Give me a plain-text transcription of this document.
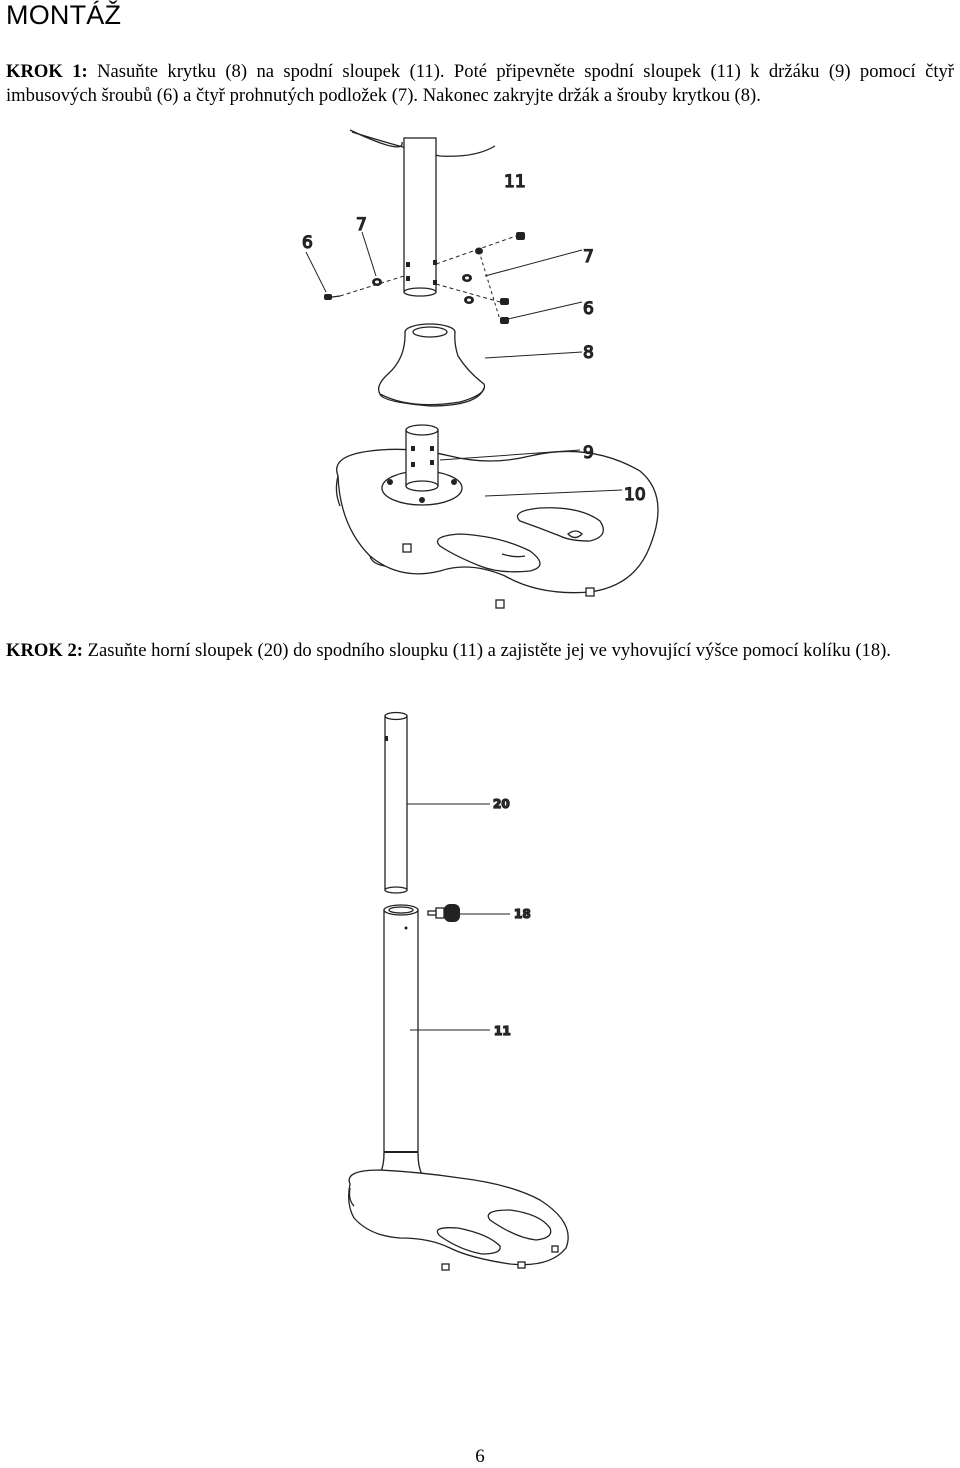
MONTÁŽ

KROK 1: Nasuňte krytku (8) na spodní sloupek (11). Poté připevněte spodní sloupek (11) k držáku (9) pomocí čtyř imbusových šroubů (6) a čtyř prohnutých podložek (7). Nakonec zakryjte držák a šrouby krytkou (8).

11
6
7
7
6
8
9
10

KROK 2: Zasuňte horní sloupek (20) do spodního sloupku (11) a zajistěte jej ve vyhovující výšce pomocí kolíku (18).

20
18
11
6
